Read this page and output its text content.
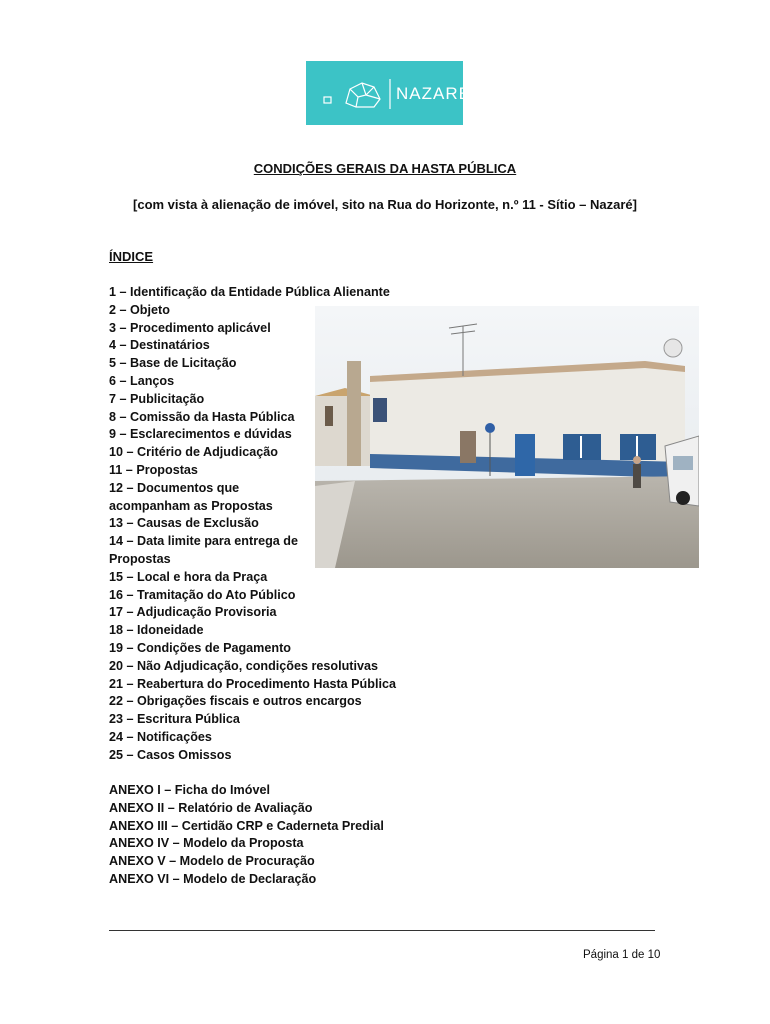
NAZARÉ
CONDIÇÕES GERAIS DA HASTA PÚBLICA
[com vista à alienação de imóvel, sito na Rua do Horizonte, n.º 11 - Sítio – Nazaré]
ÍNDICE
1 – Identificação da Entidade Pública Alienante
2 – Objeto
3 – Procedimento aplicável
4 – Destinatários
5 – Base de Licitação
6 – Lanços
7 – Publicitação
8 – Comissão da Hasta Pública
9 – Esclarecimentos e dúvidas
10 – Critério de Adjudicação
11 – Propostas
12 – Documentos que acompanham as Propostas
13 – Causas de Exclusão
14 – Data limite para entrega de Propostas
15 – Local e hora da Praça
16 – Tramitação do Ato Público
17 – Adjudicação Provisoria
18 – Idoneidade
19 – Condições de Pagamento
20 – Não Adjudicação, condições resolutivas
21 – Reabertura do Procedimento Hasta Pública
22 – Obrigações fiscais e outros encargos
23 – Escritura Pública
24 – Notificações
25 – Casos Omissos
ANEXO I – Ficha do Imóvel
ANEXO II – Relatório de Avaliação
ANEXO III – Certidão CRP e Caderneta Predial
ANEXO IV – Modelo da Proposta
ANEXO V – Modelo de Procuração
ANEXO VI – Modelo de Declaração
Página 1 de 10
